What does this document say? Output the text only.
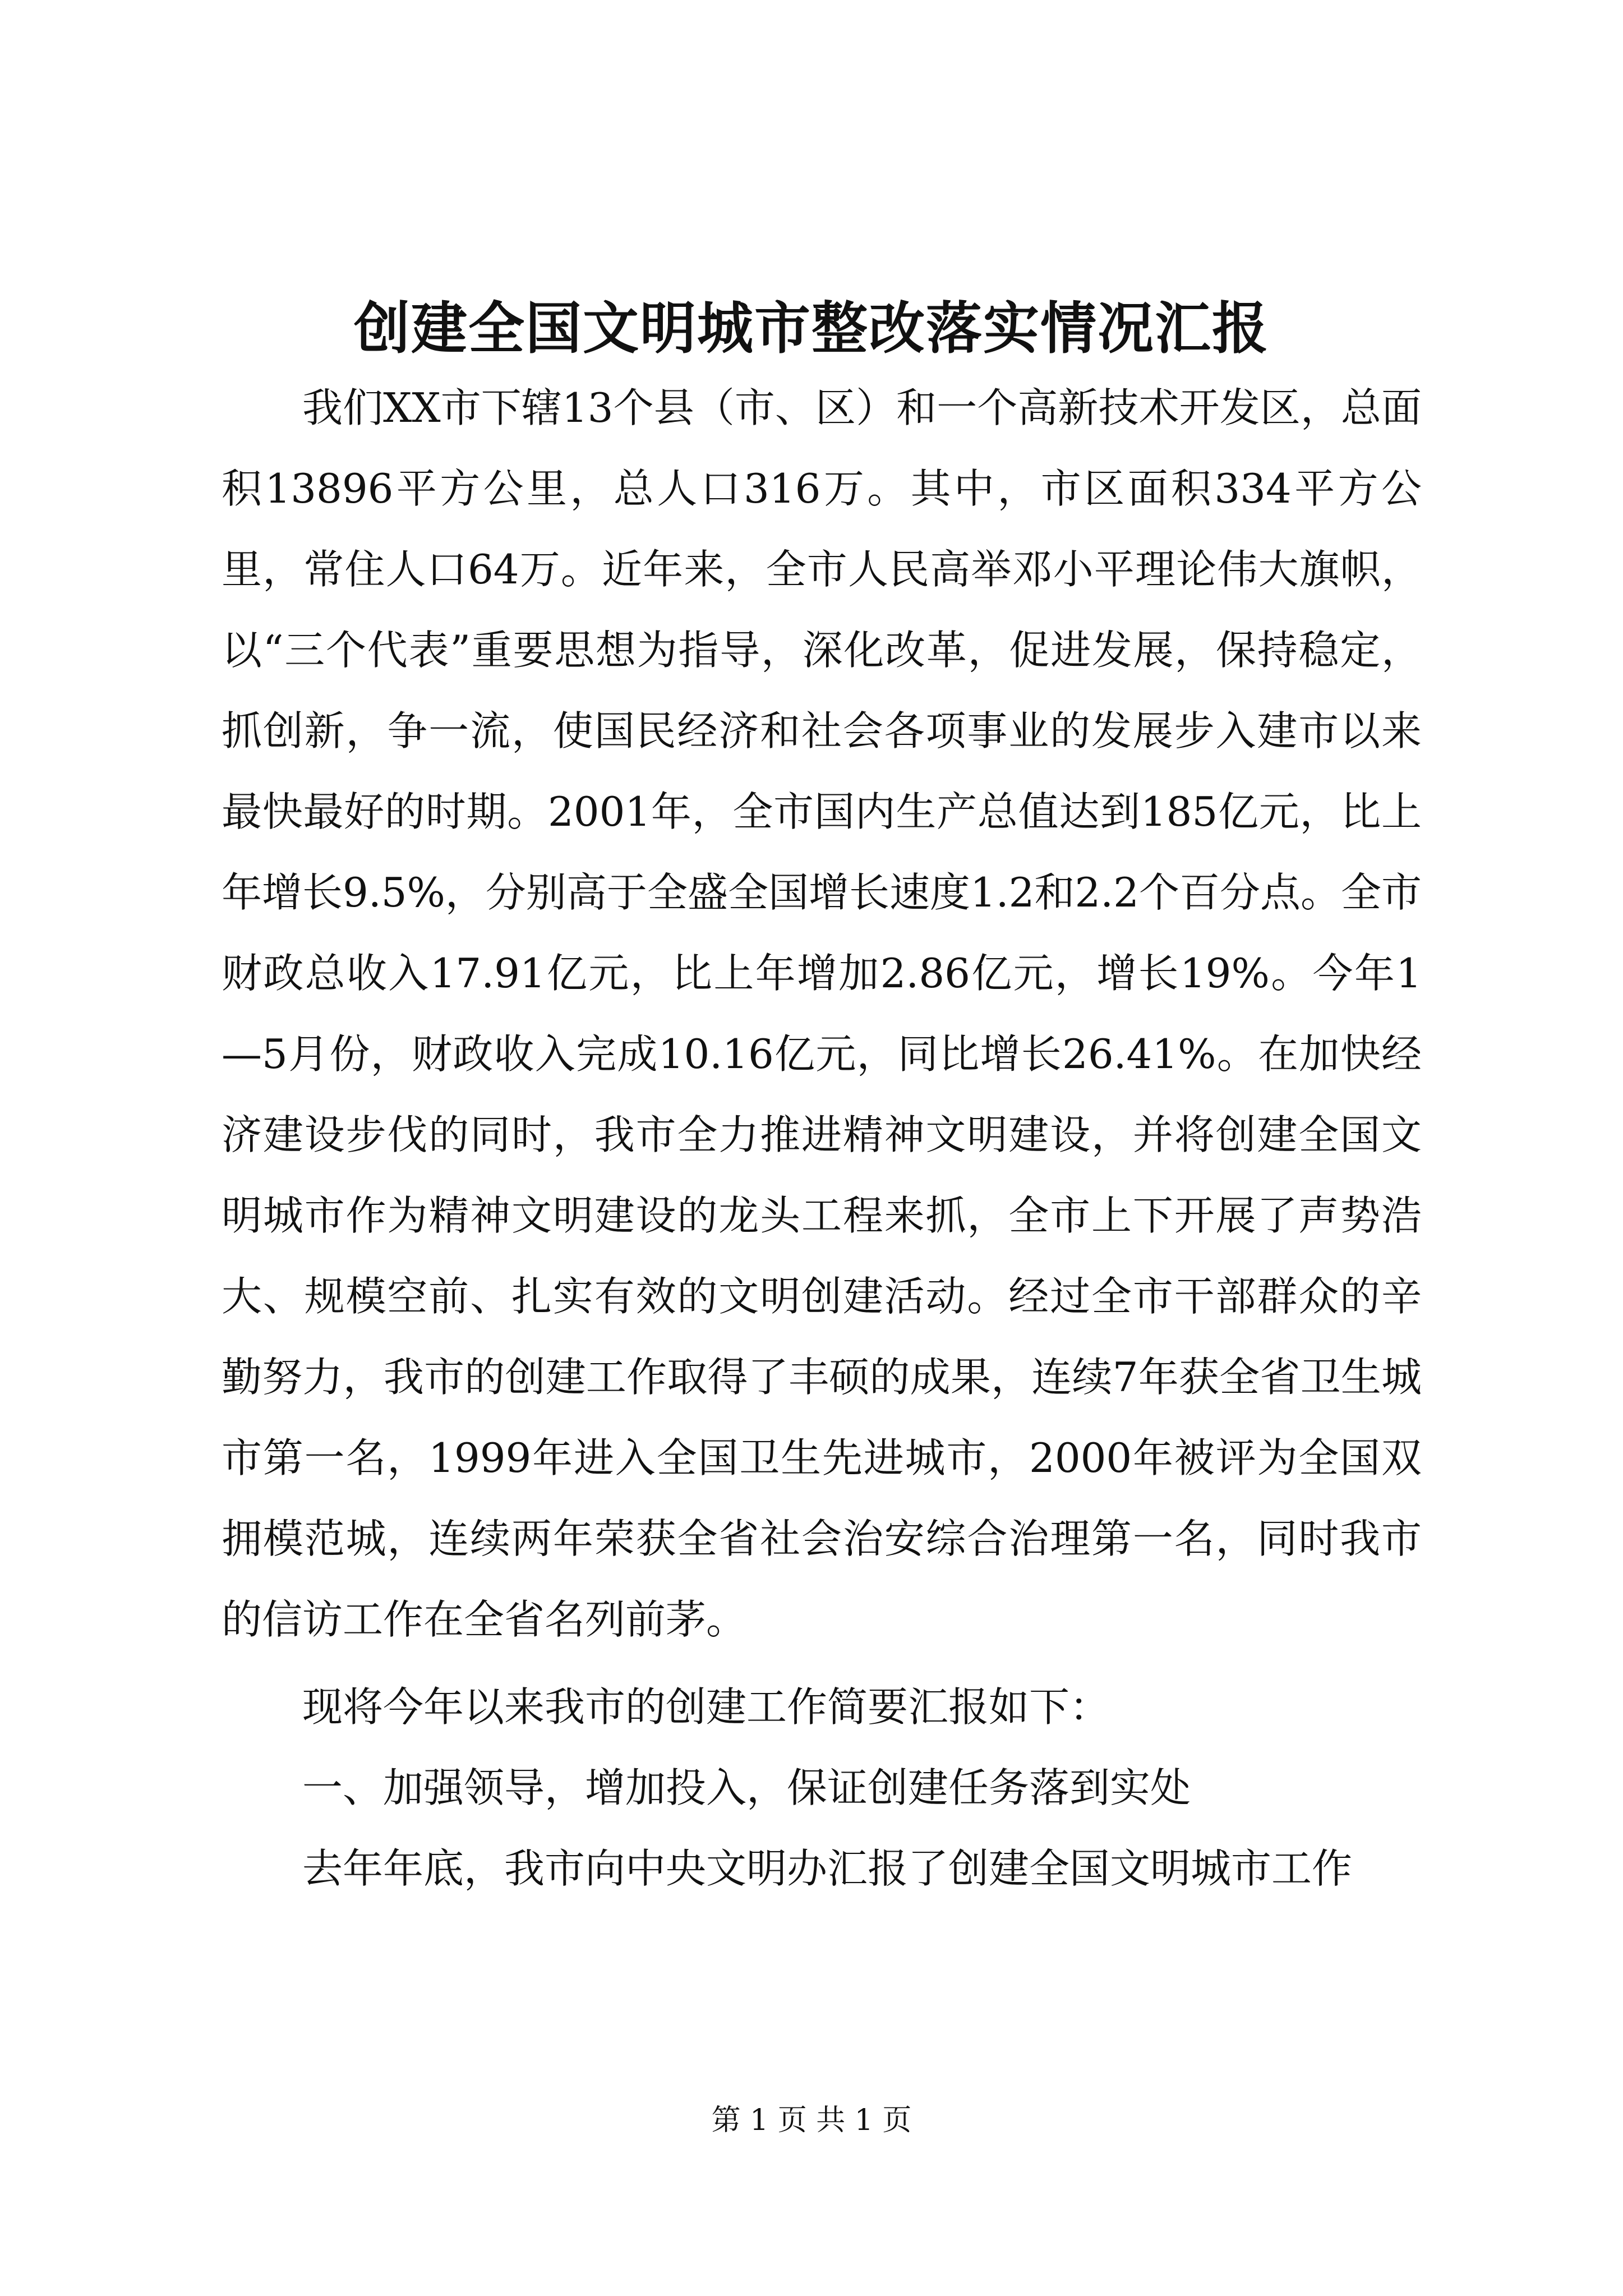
创建全国文明城市整改落实情况汇报

我们XX市下辖13个县（市、区）和一个高新技术开发区，总面积13896平方公里，总人口316万。其中，市区面积334平方公里，常住人口64万。近年来，全市人民高举邓小平理论伟大旗帜，以“三个代表”重要思想为指导，深化改革，促进发展，保持稳定，抓创新，争一流，使国民经济和社会各项事业的发展步入建市以来最快最好的时期。2001年，全市国内生产总值达到185亿元，比上年增长9.5%，分别高于全盛全国增长速度1.2和2.2个百分点。全市财政总收入17.91亿元，比上年增加2.86亿元，增长19%。今年1—5月份，财政收入完成10.16亿元，同比增长26.41%。在加快经济建设步伐的同时，我市全力推进精神文明建设，并将创建全国文明城市作为精神文明建设的龙头工程来抓，全市上下开展了声势浩大、规模空前、扎实有效的文明创建活动。经过全市干部群众的辛勤努力，我市的创建工作取得了丰硕的成果，连续7年获全省卫生城市第一名，1999年进入全国卫生先进城市，2000年被评为全国双拥模范城，连续两年荣获全省社会治安综合治理第一名，同时我市的信访工作在全省名列前茅。

现将今年以来我市的创建工作简要汇报如下：

一、加强领导，增加投入，保证创建任务落到实处

去年年底，我市向中央文明办汇报了创建全国文明城市工作

第 1 页 共 1 页
